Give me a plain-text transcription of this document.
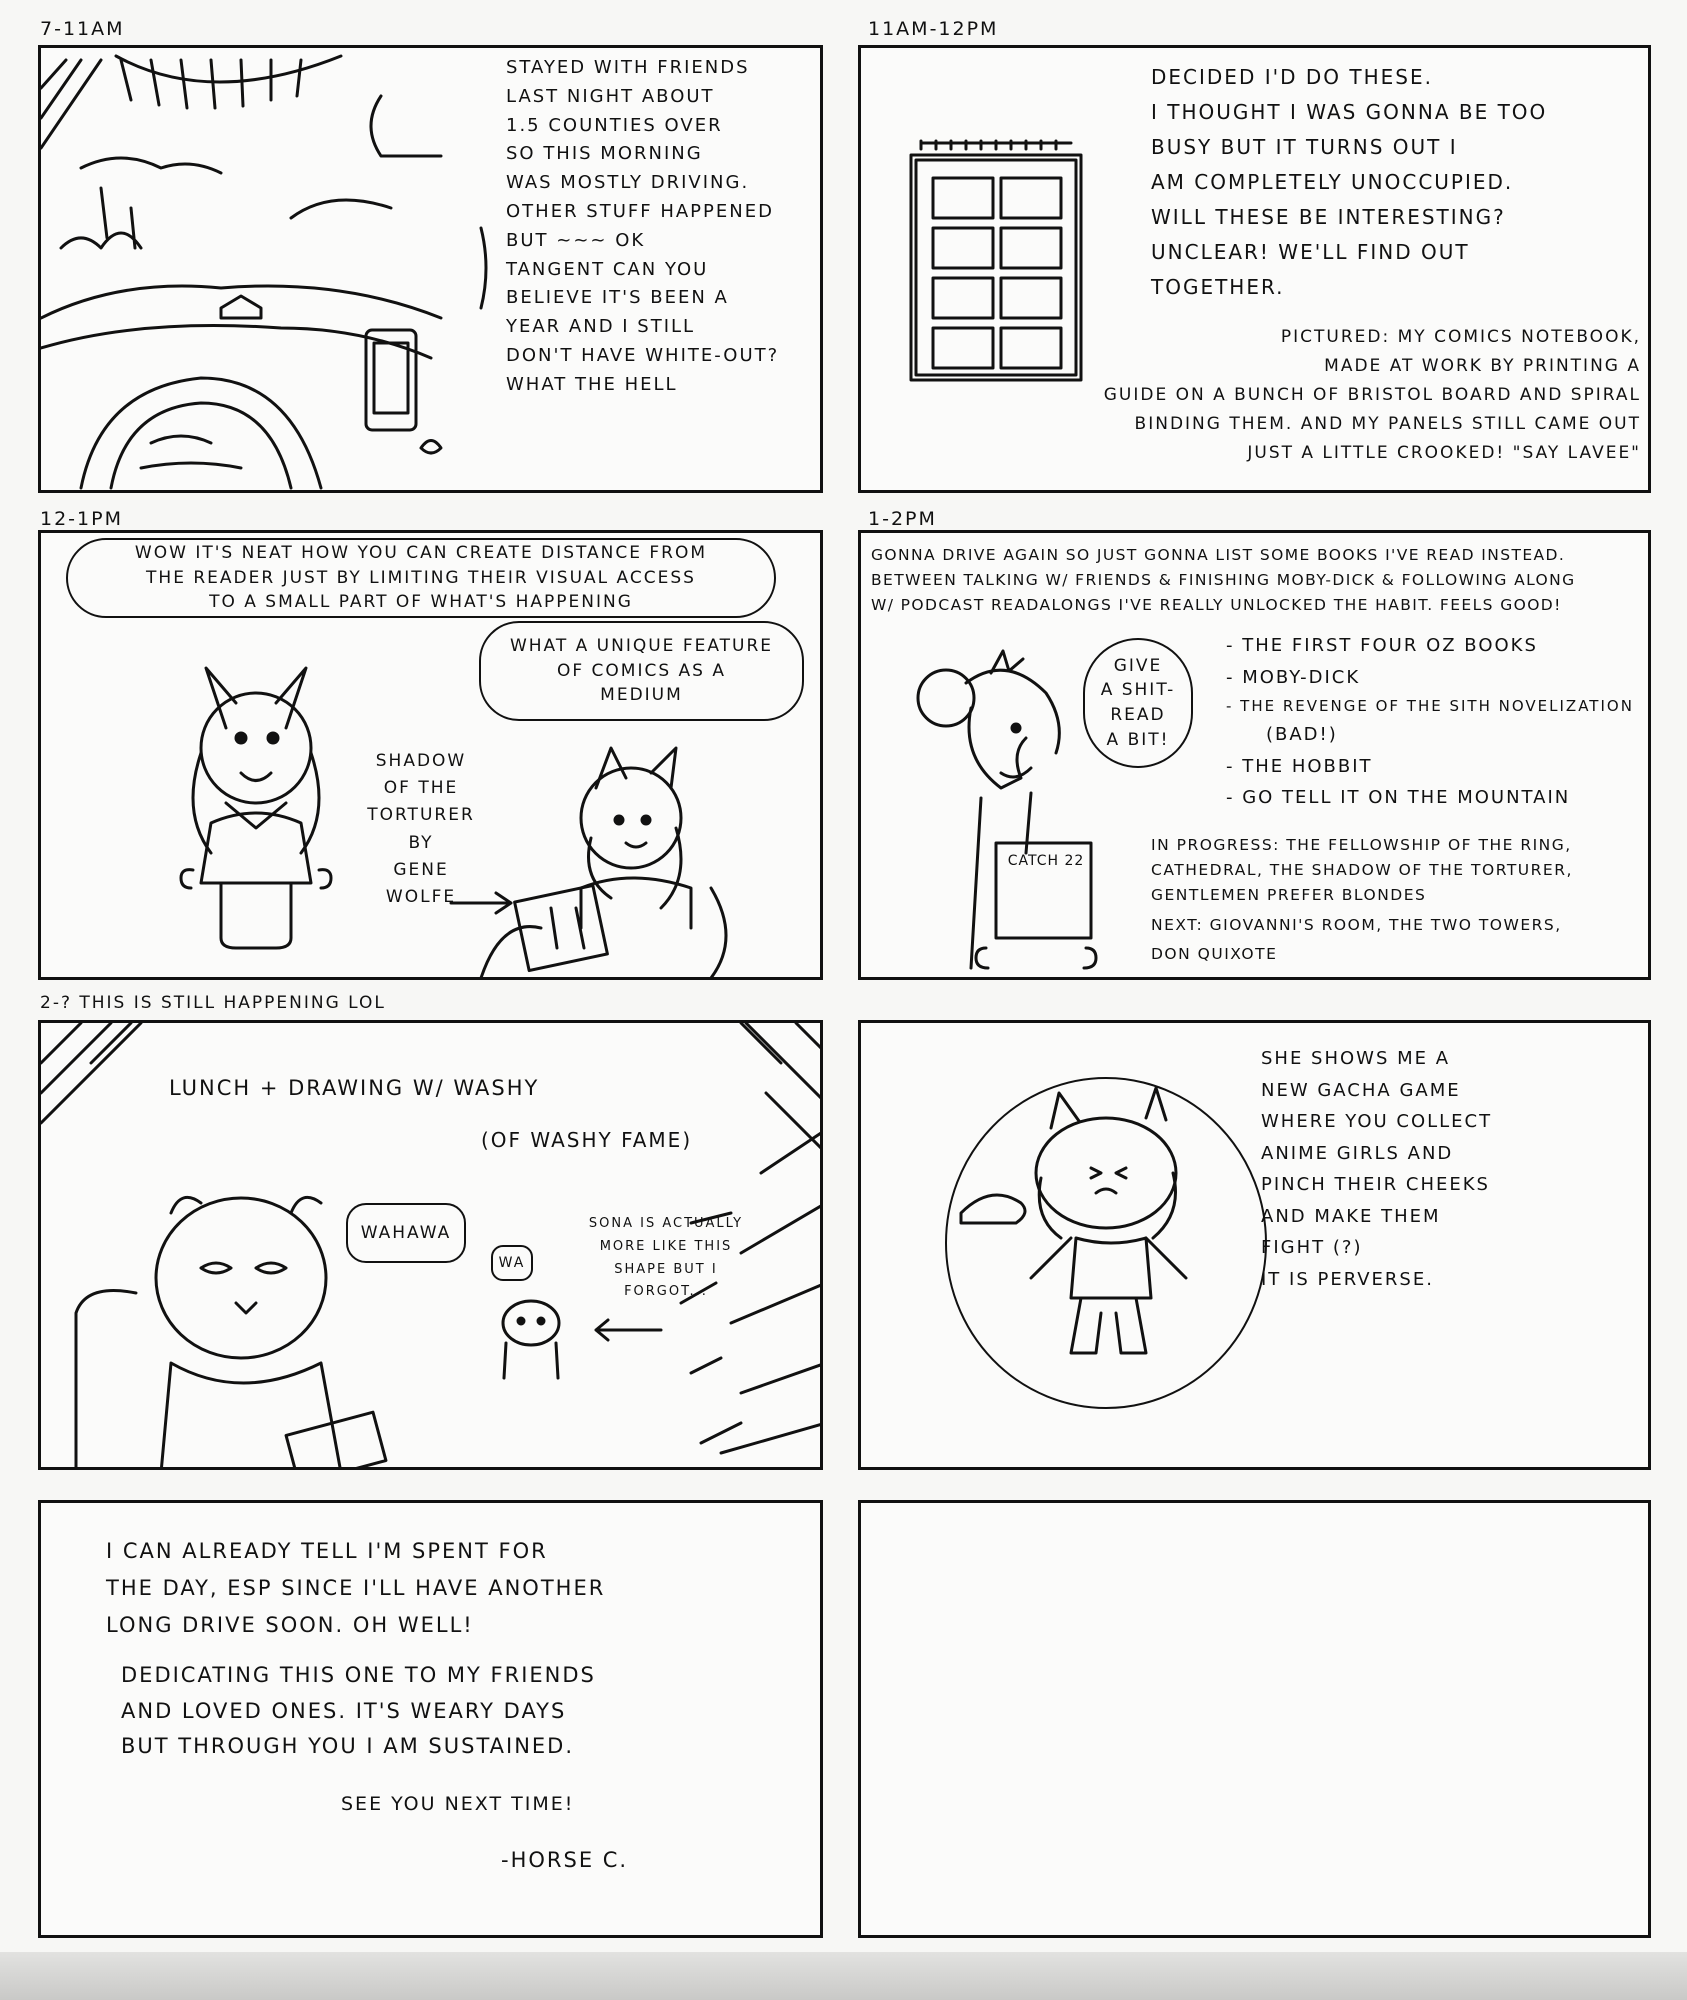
7-11AM
STAYED WITH FRIENDS
LAST NIGHT ABOUT
1.5 COUNTIES OVER
SO THIS MORNING
WAS MOSTLY DRIVING.
OTHER STUFF HAPPENED
BUT ~~~ OK
TANGENT CAN YOU
BELIEVE IT'S BEEN A
YEAR AND I STILL
DON'T HAVE WHITE-OUT?
WHAT THE HELL
11AM-12PM
DECIDED I'D DO THESE.
I THOUGHT I WAS GONNA BE TOO
BUSY BUT IT TURNS OUT I
AM COMPLETELY UNOCCUPIED.
WILL THESE BE INTERESTING?
UNCLEAR! WE'LL FIND OUT
TOGETHER.
PICTURED: MY COMICS NOTEBOOK,
MADE AT WORK BY PRINTING A
GUIDE ON A BUNCH OF BRISTOL BOARD AND SPIRAL
BINDING THEM. AND MY PANELS STILL CAME OUT
JUST A LITTLE CROOKED! "SAY LAVEE"
12-1PM
WOW IT'S NEAT HOW YOU CAN CREATE DISTANCE FROM
THE READER JUST BY LIMITING THEIR VISUAL ACCESS
TO A SMALL PART OF WHAT'S HAPPENING
WHAT A UNIQUE FEATURE
OF COMICS AS A
MEDIUM
SHADOW
OF THE
TORTURER
BY
GENE
WOLFE
1-2PM
GONNA DRIVE AGAIN SO JUST GONNA LIST SOME BOOKS I'VE READ INSTEAD.
BETWEEN TALKING W/ FRIENDS & FINISHING MOBY-DICK & FOLLOWING ALONG
W/ PODCAST READALONGS I'VE REALLY UNLOCKED THE HABIT. FEELS GOOD!
GIVE
A SHIT-
READ
A BIT!
CATCH 22
- THE FIRST FOUR OZ BOOKS
- MOBY-DICK
- THE REVENGE OF THE SITH NOVELIZATION
(BAD!)
- THE HOBBIT
- GO TELL IT ON THE MOUNTAIN
IN PROGRESS: THE FELLOWSHIP OF THE RING,
CATHEDRAL, THE SHADOW OF THE TORTURER,
GENTLEMEN PREFER BLONDES
NEXT: GIOVANNI'S ROOM, THE TWO TOWERS,
DON QUIXOTE
2-? THIS IS STILL HAPPENING LOL
LUNCH + DRAWING W/ WASHY
(OF WASHY FAME)
WAHAWA
WA
SONA IS ACTUALLY
MORE LIKE THIS
SHAPE BUT I
FORGOT...
SHE SHOWS ME A
NEW GACHA GAME
WHERE YOU COLLECT
ANIME GIRLS AND
PINCH THEIR CHEEKS
AND MAKE THEM
FIGHT (?)
IT IS PERVERSE.
I CAN ALREADY TELL I'M SPENT FOR
THE DAY, ESP SINCE I'LL HAVE ANOTHER
LONG DRIVE SOON. OH WELL!
DEDICATING THIS ONE TO MY FRIENDS
AND LOVED ONES. IT'S WEARY DAYS
BUT THROUGH YOU I AM SUSTAINED.
SEE YOU NEXT TIME!
-HORSE C.
